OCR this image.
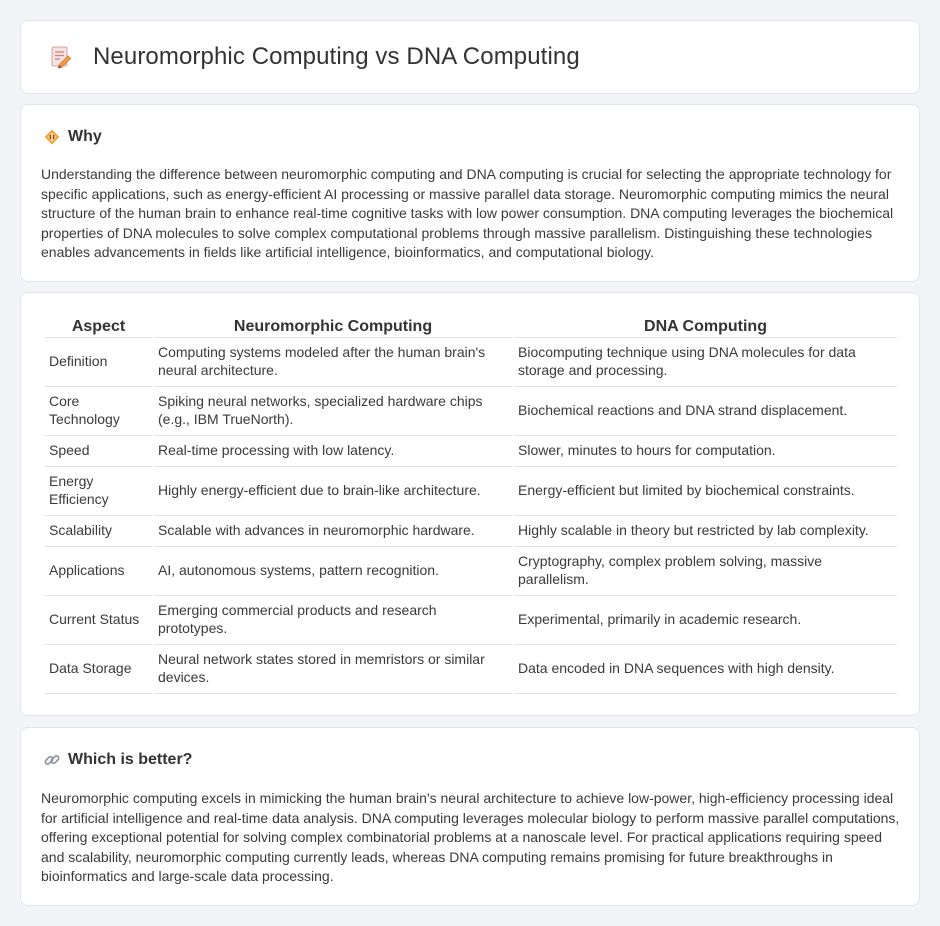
Neuromorphic Computing vs DNA Computing
Why

Understanding the difference between neuromorphic computing and DNA computing is crucial for selecting the appropriate technology for specific applications, such as energy-efficient AI processing or massive parallel data storage. Neuromorphic computing mimics the neural structure of the human brain to enhance real-time cognitive tasks with low power consumption. DNA computing leverages the biochemical properties of DNA molecules to solve complex computational problems through massive parallelism. Distinguishing these technologies enables advancements in fields like artificial intelligence, bioinformatics, and computational biology.

Aspect	Neuromorphic Computing	DNA Computing
Definition	Computing systems modeled after the human brain's neural architecture.	Biocomputing technique using DNA molecules for data storage and processing.
Core Technology	Spiking neural networks, specialized hardware chips (e.g., IBM TrueNorth).	Biochemical reactions and DNA strand displacement.
Speed	Real-time processing with low latency.	Slower, minutes to hours for computation.
Energy Efficiency	Highly energy-efficient due to brain-like architecture.	Energy-efficient but limited by biochemical constraints.
Scalability	Scalable with advances in neuromorphic hardware.	Highly scalable in theory but restricted by lab complexity.
Applications	AI, autonomous systems, pattern recognition.	Cryptography, complex problem solving, massive parallelism.
Current Status	Emerging commercial products and research prototypes.	Experimental, primarily in academic research.
Data Storage	Neural network states stored in memristors or similar devices.	Data encoded in DNA sequences with high density.
Which is better?

Neuromorphic computing excels in mimicking the human brain's neural architecture to achieve low-power, high-efficiency processing ideal for artificial intelligence and real-time data analysis. DNA computing leverages molecular biology to perform massive parallel computations, offering exceptional potential for solving complex combinatorial problems at a nanoscale level. For practical applications requiring speed and scalability, neuromorphic computing currently leads, whereas DNA computing remains promising for future breakthroughs in bioinformatics and large-scale data processing.
